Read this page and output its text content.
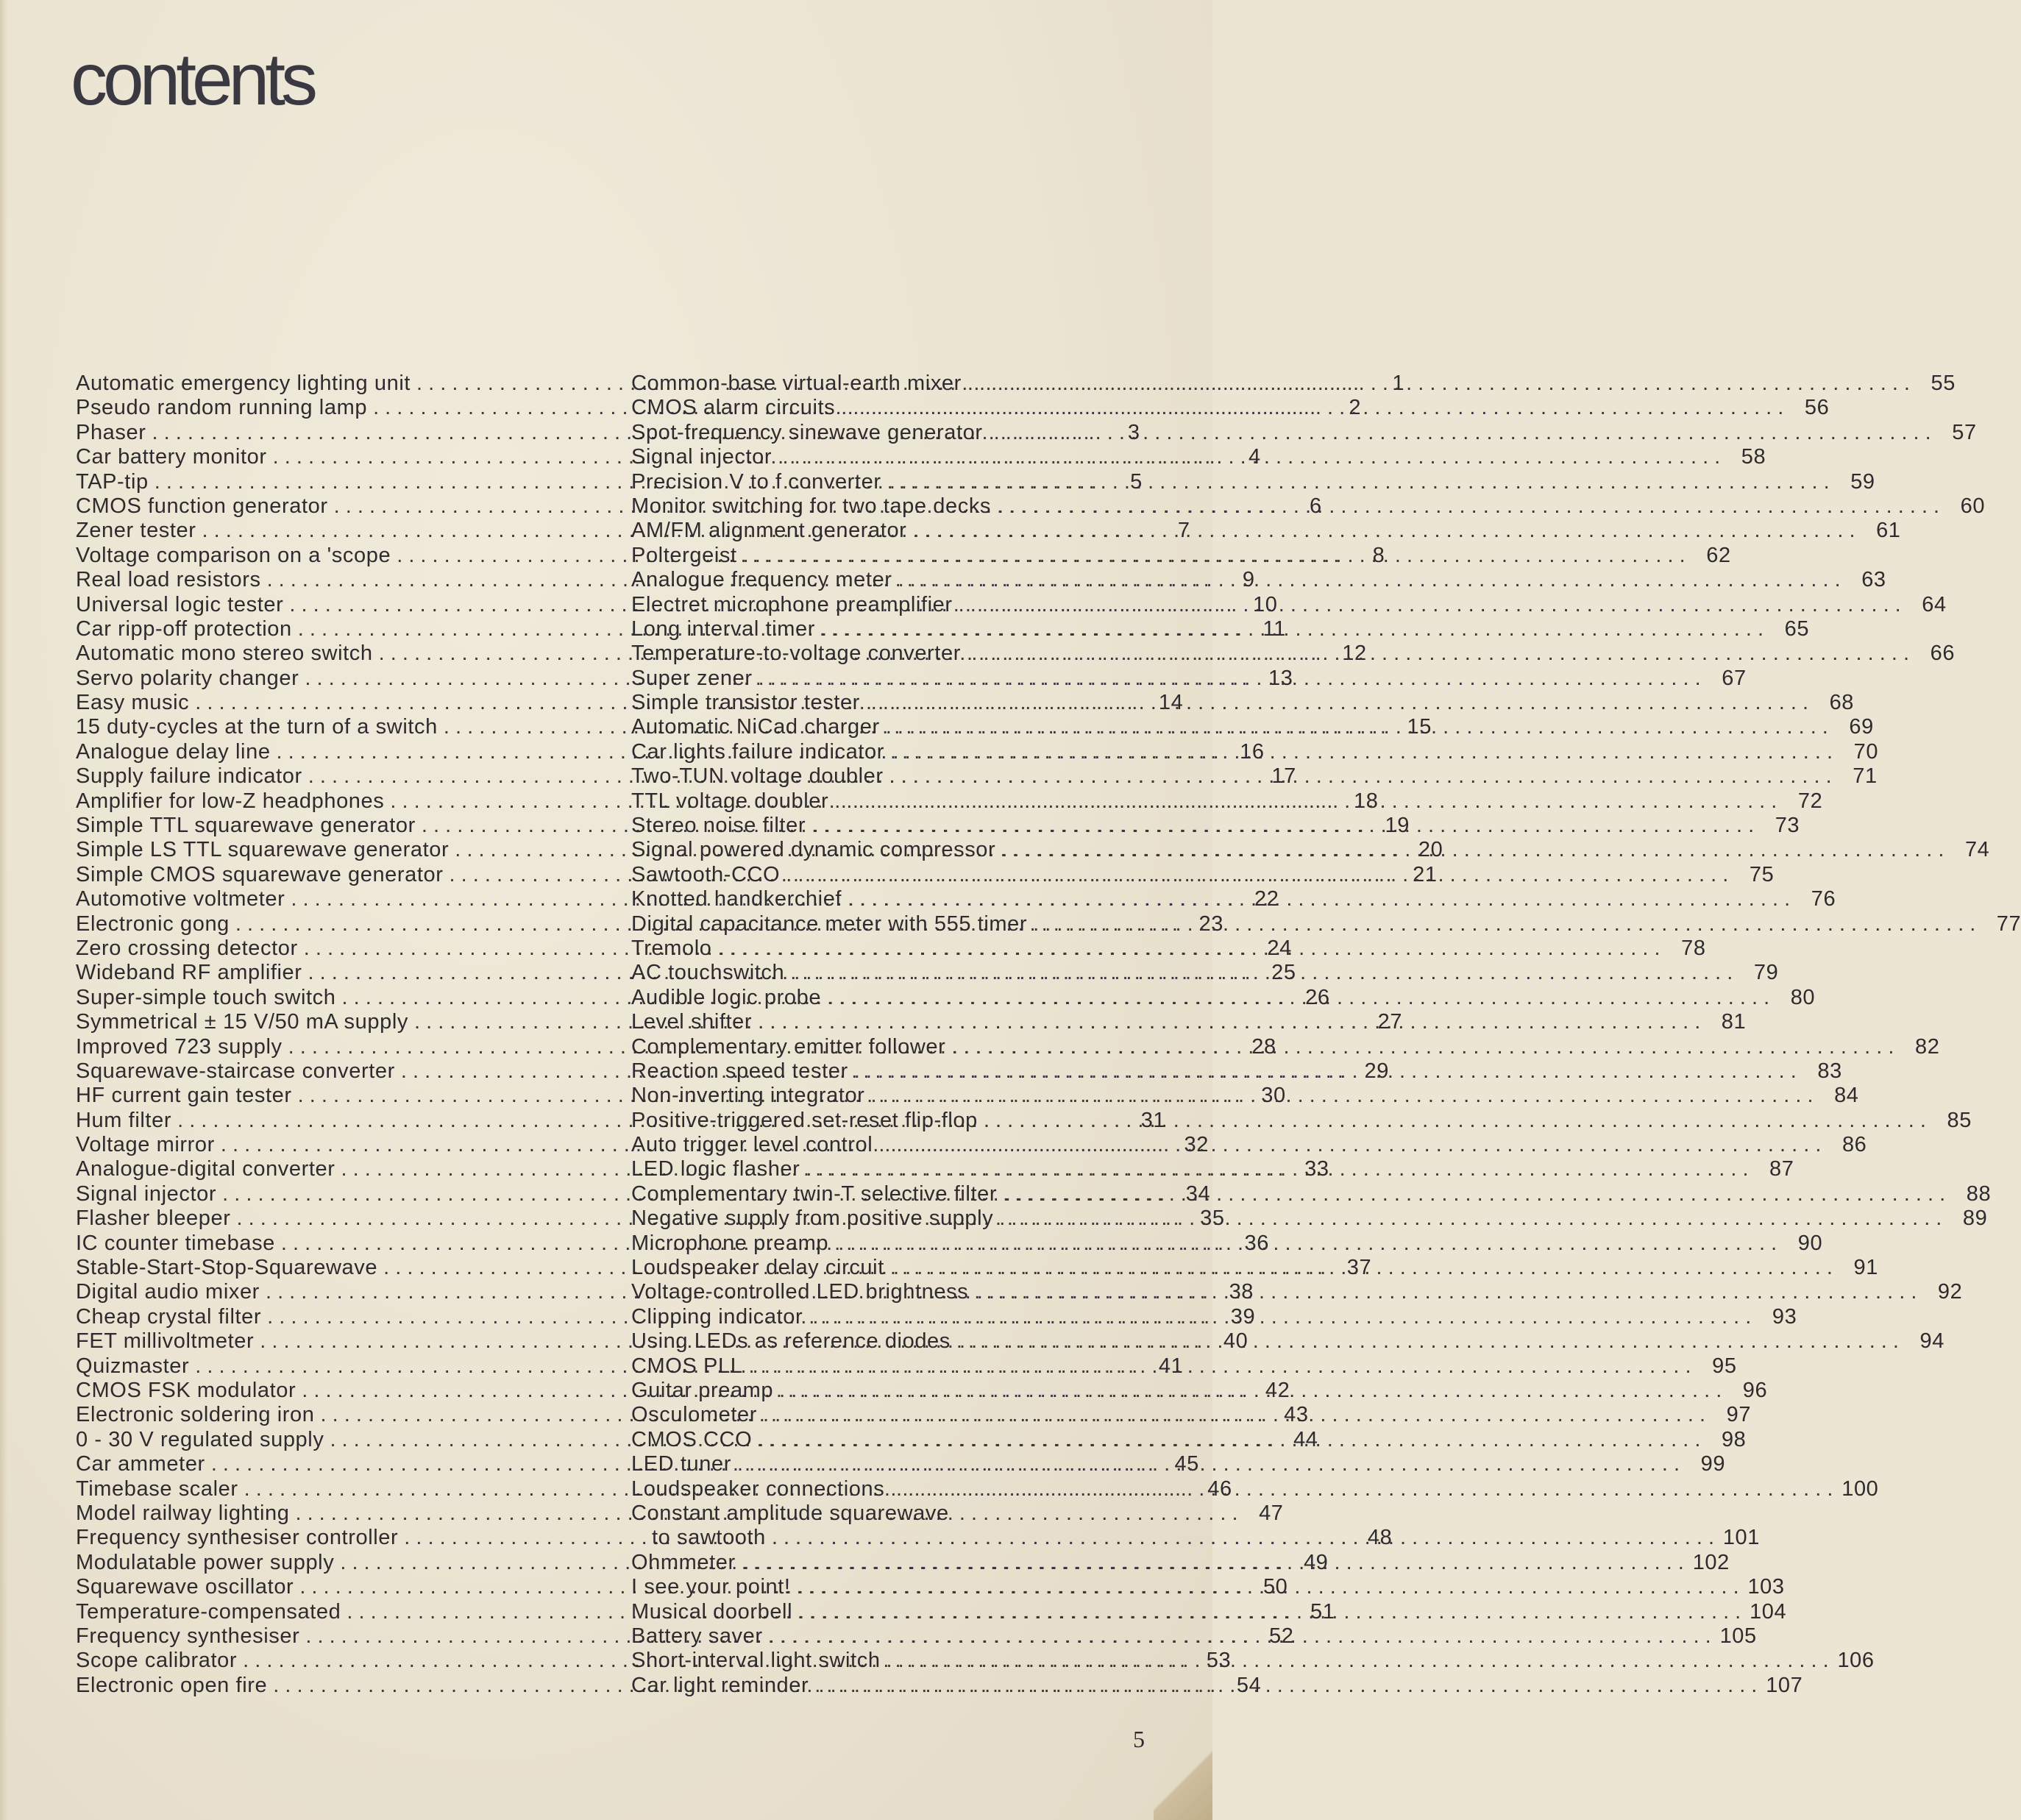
contents
Automatic emergency lighting unit . . .	1
Pseudo random running lamp . . .	2
Phaser . . .	3
Car battery monitor . . .	4
TAP-tip . . .	5
CMOS function generator . . .	6
Zener tester . . .	7
Voltage comparison on a 'scope . . .	8
Real load resistors . . .	9
Universal logic tester . . .	10
Car ripp-off protection . . .	11
Automatic mono stereo switch . . .	12
Servo polarity changer . . .	13
Easy music . . .	14
15 duty-cycles at the turn of a switch . . .	15
Analogue delay line . . .	16
Supply failure indicator . . .	17
Amplifier for low-Z headphones . . .	18
Simple TTL squarewave generator . . .	19
Simple LS TTL squarewave generator . . .	20
Simple CMOS squarewave generator . . .	21
Automotive voltmeter . . .	22
Electronic gong . . .	23
Zero crossing detector . . .	24
Wideband RF amplifier . . .	25
Super-simple touch switch . . .	26
Symmetrical ± 15 V/50 mA supply . . .	27
Improved 723 supply . . .	28
Squarewave-staircase converter . . .	29
HF current gain tester . . .	30
Hum filter . . .	31
Voltage mirror . . .	32
Analogue-digital converter . . .	33
Signal injector . . .	34
Flasher bleeper . . .	35
IC counter timebase . . .	36
Stable-Start-Stop-Squarewave . . .	37
Digital audio mixer . . .	38
Cheap crystal filter . . .	39
FET millivoltmeter . . .	40
Quizmaster . . .	41
CMOS FSK modulator . . .	42
Electronic soldering iron . . .	43
0 - 30 V regulated supply . . .	44
Car ammeter . . .	45
Timebase scaler . . .	46
Model railway lighting . . .	47
Frequency synthesiser controller . . .	48
Modulatable power supply . . .	49
Squarewave oscillator . . .	50
Temperature-compensated . . .	51
Frequency synthesiser . . .	52
Scope calibrator . . .	53
Electronic open fire . . .	54
Common-base virtual-earth mixer . . .	55
CMOS alarm circuits . . .	56
Spot-frequency sinewave generator . . .	57
Signal injector . . .	58
Precision V to f converter . . .	59
Monitor switching for two tape decks . . .	60
AM/FM alignment generator . . .	61
Poltergeist . . .	62
Analogue frequency meter . . .	63
Electret microphone preamplifier . . .	64
Long interval timer . . .	65
Temperature-to-voltage converter . . .	66
Super zener . . .	67
Simple transistor tester . . .	68
Automatic NiCad charger . . .	69
Car lights failure indicator . . .	70
Two-TUN voltage doubler . . .	71
TTL voltage doubler . . .	72
Stereo noise filter . . .	73
Signal powered dynamic compressor . . .	74
Sawtooth-CCO . . .	75
Knotted handkerchief . . .	76
Digital capacitance meter with 555 timer . . .	77
Tremolo . . .	78
AC touchswitch . . .	79
Audible logic probe . . .	80
Level shifter . . .	81
Complementary emitter follower . . .	82
Reaction speed tester . . .	83
Non-inverting integrator . . .	84
Positive-triggered set-reset flip-flop . . .	85
Auto trigger level control . . .	86
LED logic flasher . . .	87
Complementary twin-T selective filter . . .	88
Negative supply from positive supply . . .	89
Microphone preamp . . .	90
Loudspeaker delay circuit . . .	91
Voltage-controlled LED brightness . . .	92
Clipping indicator . . .	93
Using LEDs as reference diodes . . .	94
CMOS PLL . . .	95
Guitar preamp . . .	96
Osculometer . . .	97
CMOS CCO . . .	98
LED tuner . . .	99
Loudspeaker connections . . .	100
Constant amplitude squarewave
to sawtooth . . .	101
Ohmmeter . . .	102
I see your point! . . .	103
Musical doorbell . . .	104
Battery saver . . .	105
Short-interval light switch . . .	106
Car light reminder . . .	107
5
